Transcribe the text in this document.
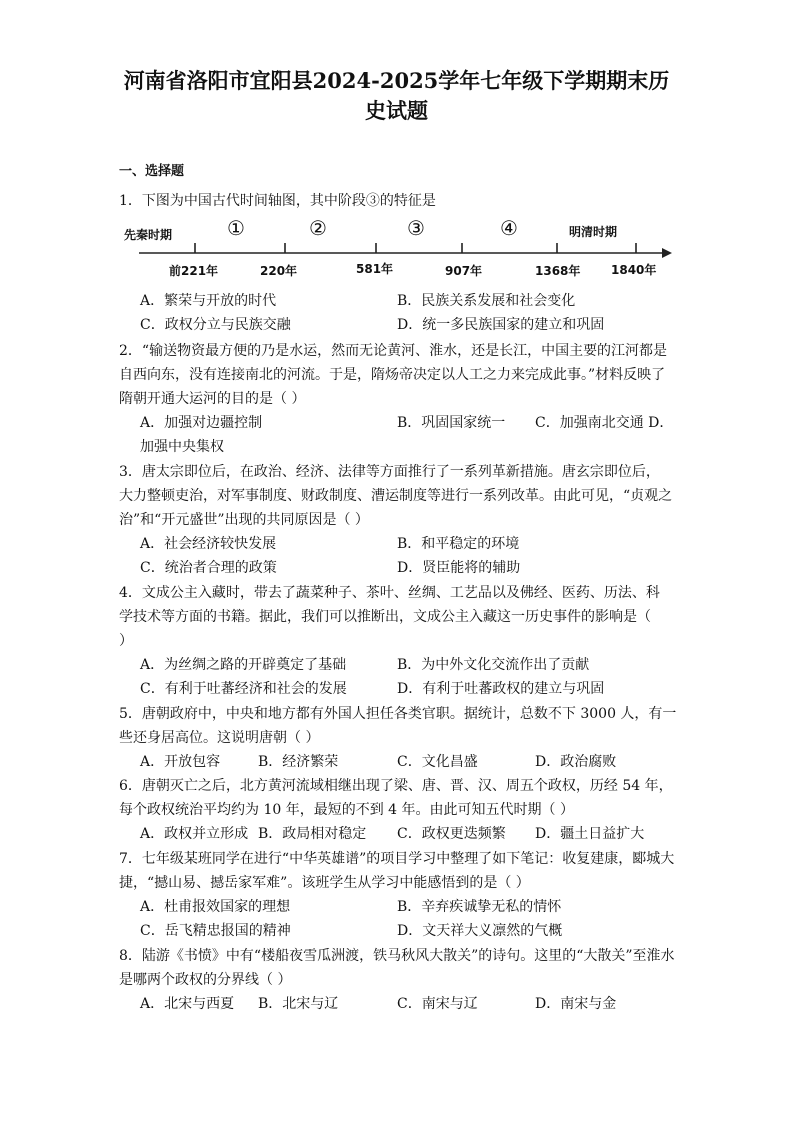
河南省洛阳市宜阳县2024-2025学年七年级下学期期末历
史试题
一、选择题
1．下图为中国古代时间轴图，其中阶段③的特征是
先秦时期	明清时期
①	②	③	④
前221年	220年	581年	907年	1368年	1840年
A．繁荣与开放的时代	B．民族关系发展和社会变化
C．政权分立与民族交融	D．统一多民族国家的建立和巩固
2．“输送物资最方便的乃是水运，然而无论黄河、淮水，还是长江，中国主要的江河都是
自西向东，没有连接南北的河流。于是，隋炀帝决定以人工之力来完成此事。”材料反映了
隋朝开通大运河的目的是（ ）
A．加强对边疆控制	B．巩固国家统一 C．加强南北交通 D．
加强中央集权
3．唐太宗即位后，在政治、经济、法律等方面推行了一系列革新措施。唐玄宗即位后，
大力整顿吏治，对军事制度、财政制度、漕运制度等进行一系列改革。由此可见，“贞观之
治”和“开元盛世”出现的共同原因是（ ）
A．社会经济较快发展	B．和平稳定的环境
C．统治者合理的政策	D．贤臣能将的辅助
4．文成公主入藏时，带去了蔬菜种子、茶叶、丝绸、工艺品以及佛经、医药、历法、科
学技术等方面的书籍。据此，我们可以推断出，文成公主入藏这一历史事件的影响是（
）
A．为丝绸之路的开辟奠定了基础	B．为中外文化交流作出了贡献
C．有利于吐蕃经济和社会的发展	D．有利于吐蕃政权的建立与巩固
5．唐朝政府中，中央和地方都有外国人担任各类官职。据统计，总数不下 3000 人，有一
些还身居高位。这说明唐朝（ ）
A．开放包容	B．经济繁荣	C．文化昌盛	D．政治腐败
6．唐朝灭亡之后，北方黄河流域相继出现了梁、唐、晋、汉、周五个政权，历经 54 年，
每个政权统治平均约为 10 年，最短的不到 4 年。由此可知五代时期（ ）
A．政权并立形成 B．政局相对稳定 C．政权更迭频繁 D．疆土日益扩大
7．七年级某班同学在进行“中华英雄谱”的项目学习中整理了如下笔记：收复建康，郾城大
捷，“撼山易、撼岳家军难”。该班学生从学习中能感悟到的是（ ）
A．杜甫报效国家的理想	B．辛弃疾诚挚无私的情怀
C．岳飞精忠报国的精神	D．文天祥大义凛然的气概
8．陆游《书愤》中有“楼船夜雪瓜洲渡，铁马秋风大散关”的诗句。这里的“大散关”至淮水
是哪两个政权的分界线（ ）
A．北宋与西夏 B．北宋与辽	C．南宋与辽	D．南宋与金
